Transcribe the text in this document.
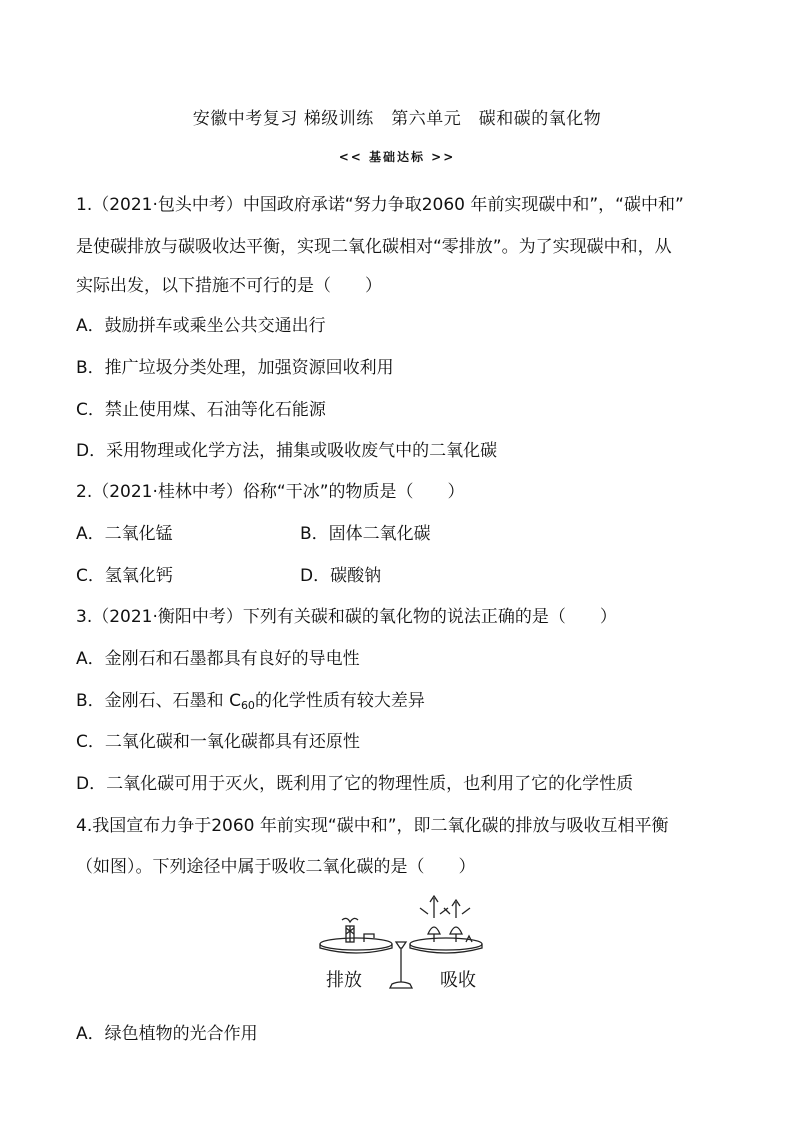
安徽中考复习 梯级训练　第六单元　碳和碳的氧化物
<< 基础达标 >>
1.（2021·包头中考）中国政府承诺“努力争取2060 年前实现碳中和”，“碳中和”
是使碳排放与碳吸收达平衡，实现二氧化碳相对“零排放”。为了实现碳中和，从
实际出发，以下措施不可行的是（　　）
A．鼓励拼车或乘坐公共交通出行
B．推广垃圾分类处理，加强资源回收利用
C．禁止使用煤、石油等化石能源
D．采用物理或化学方法，捕集或吸收废气中的二氧化碳
2.（2021·桂林中考）俗称“干冰”的物质是（　　）
A．二氧化锰	B．固体二氧化碳
C．氢氧化钙	D．碳酸钠
3.（2021·衡阳中考）下列有关碳和碳的氧化物的说法正确的是（　　）
A．金刚石和石墨都具有良好的导电性
B．金刚石、石墨和 $C_{60}$的化学性质有较大差异
C．二氧化碳和一氧化碳都具有还原性
D．二氧化碳可用于灭火，既利用了它的物理性质，也利用了它的化学性质
4.我国宣布力争于2060 年前实现“碳中和”，即二氧化碳的排放与吸收互相平衡
（如图）。下列途径中属于吸收二氧化碳的是（　　）
排放	吸收
A．绿色植物的光合作用
